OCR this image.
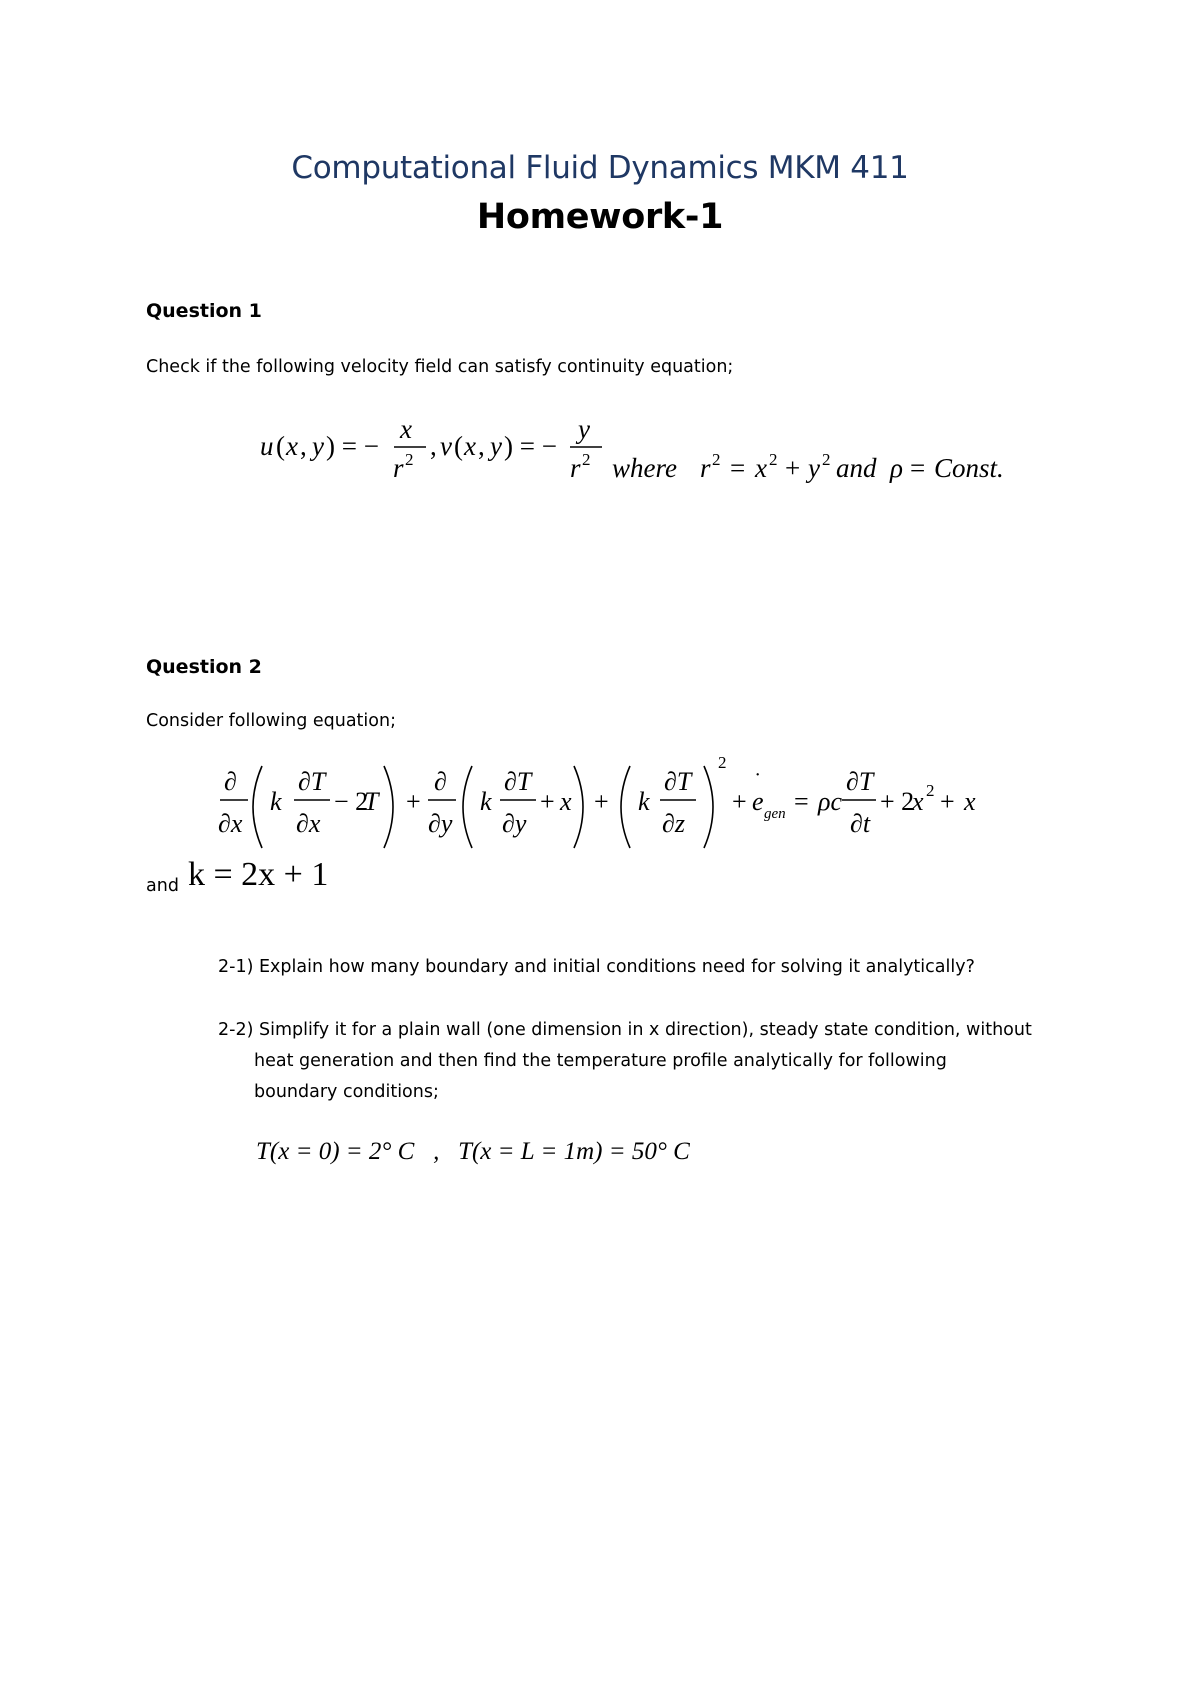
Computational Fluid Dynamics MKM 411
Homework-1
Question 1
Check if the following velocity field can satisfy continuity equation;
u ( x , y ) = −
x
r 2 , v ( x , y ) = −
y
r 2 where r 2 = x 2 + y 2 and ρ = Const.
Question 2
Consider following equation;
∂
∂x
k
∂T
∂x
− 2
T +
∂
∂y
k
∂T
∂y
+ x + k
∂T
∂z
2
+ e
˙
gen = ρc
∂T
∂t
+ 2
x 2 + x
and k = 2x + 1
2-1) Explain how many boundary and initial conditions need for solving it analytically?
2-2) Simplify it for a plain wall (one dimension in x direction), steady state condition, without
heat generation and then find the temperature profile analytically for following
boundary conditions;
T(x = 0) = 2° C   ,   T(x = L = 1m) = 50° C
